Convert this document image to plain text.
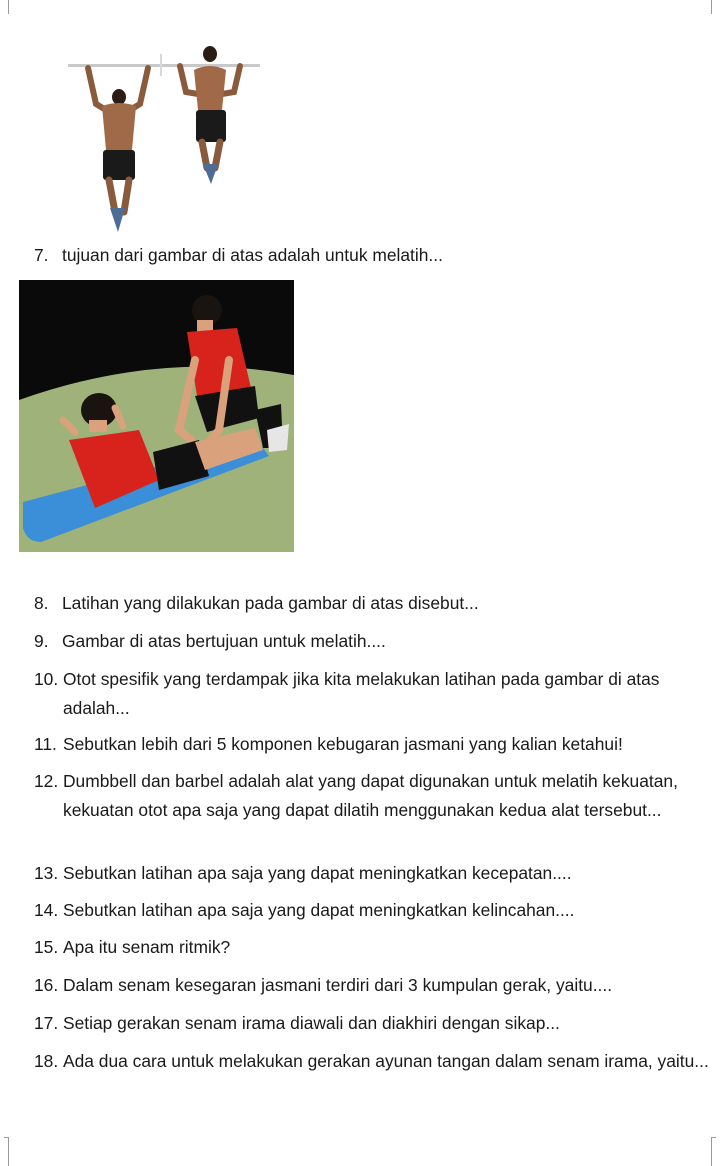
7. tujuan dari gambar di atas adalah untuk melatih...
8. Latihan yang dilakukan pada gambar di atas disebut...
9. Gambar di atas bertujuan untuk melatih....
10. Otot spesifik yang terdampak jika kita melakukan latihan pada gambar di atas adalah...
11. Sebutkan lebih dari 5 komponen kebugaran jasmani yang kalian ketahui!
12. Dumbbell dan barbel adalah alat yang dapat digunakan untuk melatih kekuatan, kekuatan otot apa saja yang dapat dilatih menggunakan kedua alat tersebut...
13. Sebutkan latihan apa saja yang dapat meningkatkan kecepatan....
14. Sebutkan latihan apa saja yang dapat meningkatkan kelincahan....
15. Apa itu senam ritmik?
16. Dalam senam kesegaran jasmani terdiri dari 3 kumpulan gerak, yaitu....
17. Setiap gerakan senam irama diawali dan diakhiri dengan sikap...
18. Ada dua cara untuk melakukan gerakan ayunan tangan dalam senam irama, yaitu...
